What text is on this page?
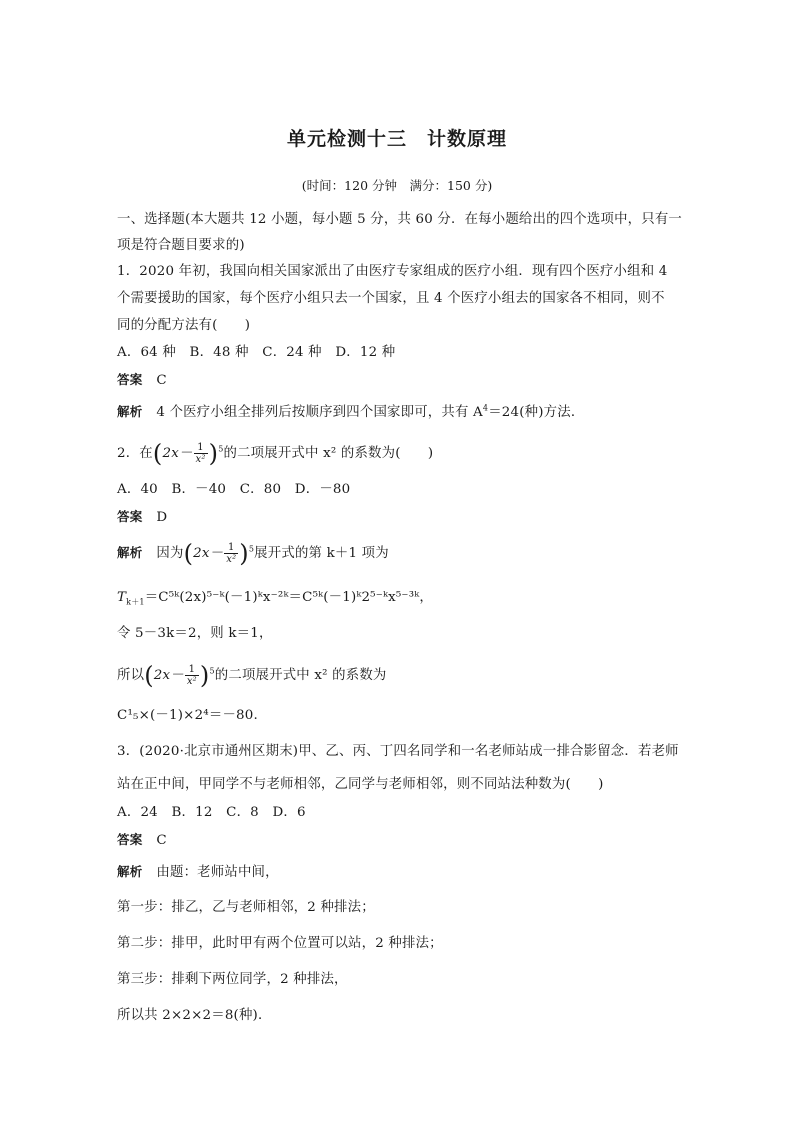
单元检测十三　计数原理
(时间：120 分钟　满分：150 分)
一、选择题(本大题共 12 小题，每小题 5 分，共 60 分．在每小题给出的四个选项中，只有一
项是符合题目要求的)
1．2020 年初，我国向相关国家派出了由医疗专家组成的医疗小组．现有四个医疗小组和 4
个需要援助的国家，每个医疗小组只去一个国家，且 4 个医疗小组去的国家各不相同，则不
同的分配方法有(　　)
A．64 种　B．48 种　C．24 种　D．12 种
答案 C
解析 4 个医疗小组全排列后按顺序到四个国家即可，共有 $A^4=24$(种)方法．
2．在$(2x- \frac{1}{\text{x²}} )^5$的二项展开式中 x² 的系数为(　　)
A．40　B．－40　C．80　D．－80
答案 D
解析 因为$(2x- \frac{1}{\text{x²}} )^5$展开式的第 k＋1 项为
$T_{k+1}=C^5ᵏ(2x)^{5-}ᵏ(-1)ᵏx^{-2}ᵏ=C^5ᵏ(-1)ᵏ2^{5-}ᵏx^{5-3}ᵏ$，
令 5－3k＝2，则 k＝1，
所以$(2x- \frac{1}{\text{x²}} )^5$的二项展开式中 x² 的系数为
C¹₅×(－1)×2⁴＝－80.
3．(2020·北京市通州区期末)甲、乙、丙、丁四名同学和一名老师站成一排合影留念．若老师
站在正中间，甲同学不与老师相邻，乙同学与老师相邻，则不同站法种数为(　　)
A．24　B．12　C．8　D．6
答案 C
解析 由题：老师站中间，
第一步：排乙，乙与老师相邻，2 种排法；
第二步：排甲，此时甲有两个位置可以站，2 种排法；
第三步：排剩下两位同学，2 种排法，
所以共 2×2×2＝8(种)．
